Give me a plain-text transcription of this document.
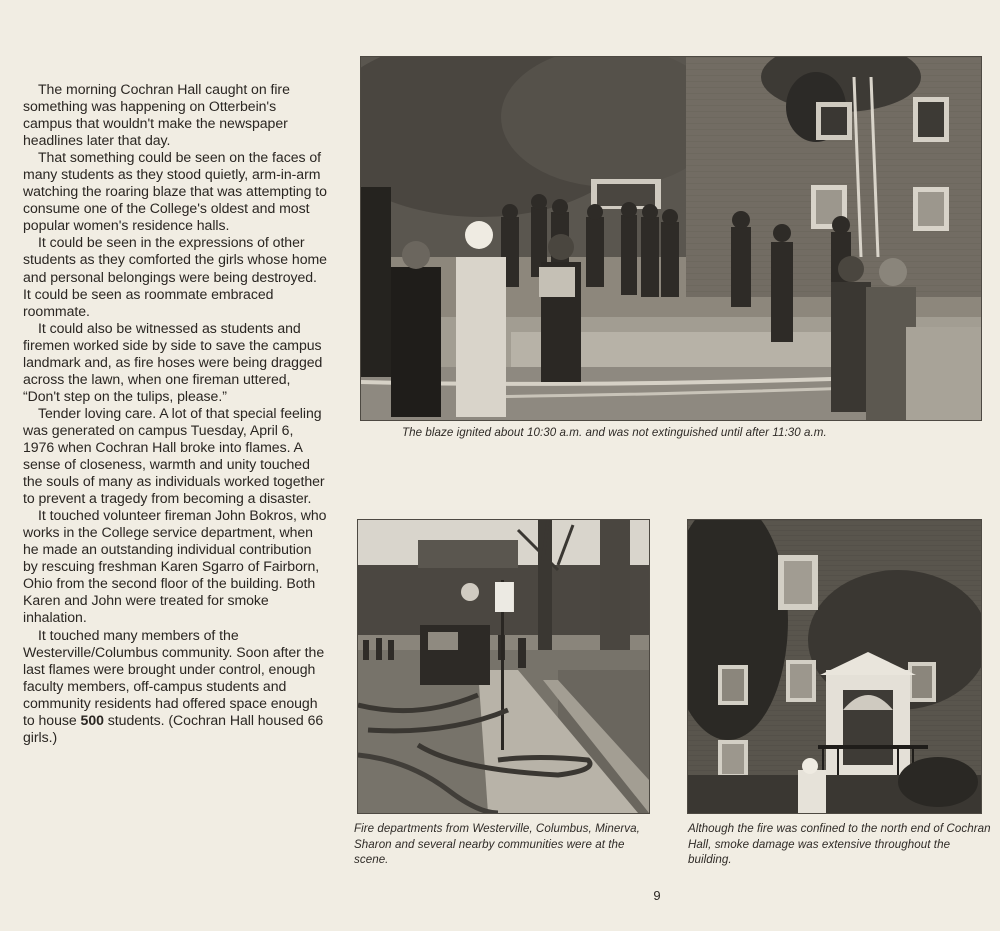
The morning Cochran Hall caught on fire something was happening on Otterbein's campus that wouldn't make the newspaper headlines later that day.

That something could be seen on the faces of many students as they stood quietly, arm-in-arm watching the roaring blaze that was attempting to consume one of the College's oldest and most popular women's residence halls.

It could be seen in the expressions of other students as they comforted the girls whose home and personal belongings were being destroyed. It could be seen as roommate embraced roommate.

It could also be witnessed as students and firemen worked side by side to save the campus landmark and, as fire hoses were being dragged across the lawn, when one fireman uttered, “Don't step on the tulips, please.”

Tender loving care. A lot of that special feeling was generated on campus Tuesday, April 6, 1976 when Cochran Hall broke into flames. A sense of closeness, warmth and unity touched the souls of many as individuals worked together to prevent a tragedy from becoming a disaster.

It touched volunteer fireman John Bokros, who works in the College service department, when he made an outstanding individual contribution by rescuing freshman Karen Sgarro of Fairborn, Ohio from the second floor of the building. Both Karen and John were treated for smoke inhalation.

It touched many members of the Westerville/Columbus community. Soon after the last flames were brought under control, enough faculty members, off-campus students and community residents had offered space enough to house 500 students. (Cochran Hall housed 66 girls.)

The blaze ignited about 10:30 a.m. and was not extinguished until after 11:30 a.m.

Fire departments from Westerville, Columbus, Minerva, Sharon and several nearby communities were at the scene.

Although the fire was confined to the north end of Cochran Hall, smoke damage was extensive throughout the building.

9
